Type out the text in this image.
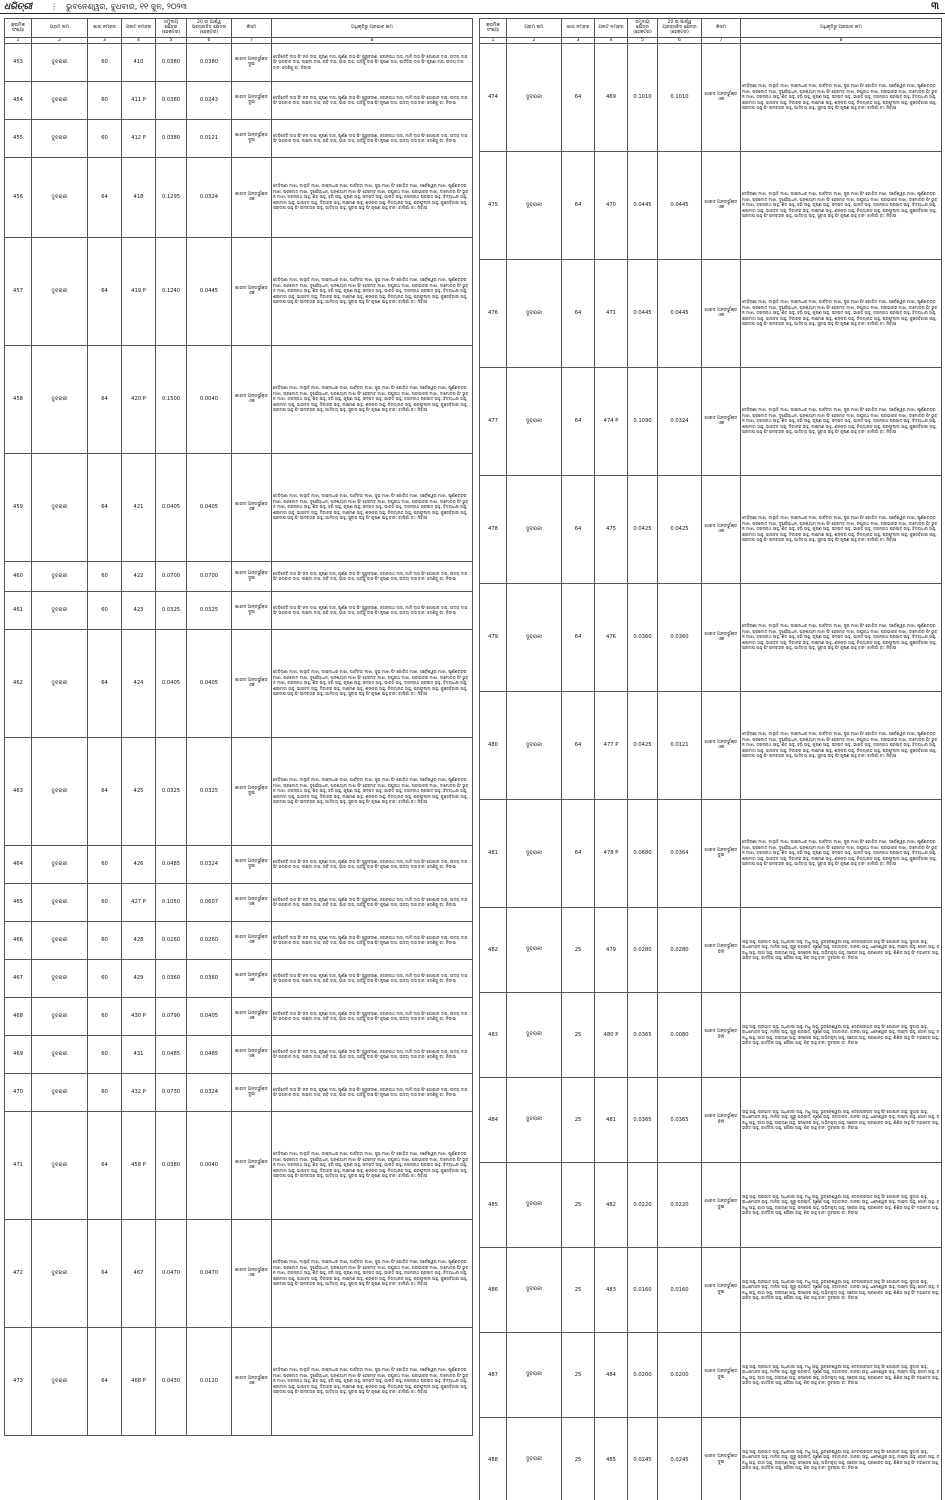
ଧରିତ୍ରୀ ⋮ ଭୁବନେଶ୍ୱର, ବୁଧବାର, ୧୧ ଜୁନ, ୨୦୨୩	୩
କ୍ରମିକ ସଂଖ୍ୟା	ଗ୍ରାମ ନାମ	ଖାତା ନମ୍ବର	ପ୍ଲଟ ନମ୍ବର	ସମୁଦାୟ କ୍ଷେତ୍ର (ହେକ୍ଟର)	20 ଉ ପାର୍ଶ୍ୱ ପ୍ରସ୍ତାବିତ କ୍ଷେତ୍ର (ହେକ୍ଟର)	କିସମ	ଅଧିକୃତିରୁ ପ୍ରଭାବ ନାମ
1	2	3	4	5	6	7	8
453	ଦୁବରାକୀ	60	410	0.0380	0.0380	ଶାରଦ ଅନ୍ତର୍ଭୁକ୍ତ ଦୁଇ	ଦେବିଦେବି ଦାସ ପିଂ ନନ ଦାସ, କୃଷ୍ଣ ଦାସ, ପୂର୍ଣ୍ଣ ଦାସ ପିଂ ଗୁରୁଚରଣ, ଜଗନ୍ନାଥ ଦାସ, ମାନି ଦାସ ପିଂ ଗୋପାଳ ଦାସ, ଉଦୟ ଦାସ ପିଂ ଭଗବାନ ଦାସ, ଲକ୍ଷ୍ମୀ ଦାସ, ରବି ଦାସ, ଭାଗ ଦାସ, ଅର୍ଜ୍ଜୁ ଦାସ ପିଂ କୃଷ୍ଣ ଦାସ, କାର୍ତ୍ତିକ ଦାସ ପିଂ କୃଷ୍ଣ ଦାସ, ଉଦୟ ଦାସ ବାନ: ଦେଶିକୁ ବା: ନିବାସୀ
454	ଦୁବରାକୀ	60	411 P	0.0380	0.0243	ଶାରଦ ଅନ୍ତର୍ଭୁକ୍ତ ଦୁଇ	ଦେବିଦେବି ଦାସ ପିଂ ନନ ଦାସ, କୃଷ୍ଣ ଦାସ, ପୂର୍ଣ୍ଣ ଦାସ ପିଂ ଗୁରୁଚରଣ, ଜଗନ୍ନାଥ ଦାସ, ମାନି ଦାସ ପିଂ ଗୋପାଳ ଦାସ, ଉଦୟ ଦାସ ପିଂ ଭଗବାନ ଦାସ, ଲକ୍ଷ୍ମୀ ଦାସ, ରବି ଦାସ, ଭାଗ ଦାସ, ଅର୍ଜ୍ଜୁ ଦାସ ପିଂ କୃଷ୍ଣ ଦାସ, ଉଦୟ ଦାସ ବାନ: ଦେଶିକୁ ବା: ନିବାସୀ
455	ଦୁବରାକୀ	60	412 P	0.0380	0.0121	ଶାରଦ ଅନ୍ତର୍ଭୁକ୍ତ ଦୁଇ	ଦେବିଦେବି ଦାସ ପିଂ ନନ ଦାସ, କୃଷ୍ଣ ଦାସ, ପୂର୍ଣ୍ଣ ଦାସ ପିଂ ଗୁରୁଚରଣ, ଜଗନ୍ନାଥ ଦାସ, ମାନି ଦାସ ପିଂ ଗୋପାଳ ଦାସ, ଉଦୟ ଦାସ ପିଂ ଭଗବାନ ଦାସ, ଲକ୍ଷ୍ମୀ ଦାସ, ରବି ଦାସ, ଭାଗ ଦାସ, ଅର୍ଜ୍ଜୁ ଦାସ ପିଂ କୃଷ୍ଣ ଦାସ, ଉଦୟ ଦାସ ବାନ: ଦେଶିକୁ ବା: ନିବାସୀ
456	ଦୁବରାକୀ	64	418	0.1295	0.0324	ଶାରଦ ଅନ୍ତର୍ଭୁକ୍ତ ଏକ	ଦେବିରାଣୀ ମାଝୀ, ମାଲୁତି ମାଝୀ, ଲକ୍ଷ୍ମୀଧର ମାଝୀ, ପାର୍ବ୍ବତୀ ମାଝୀ, ସୁଭ ମାଝୀ ପିଂ ଗୋବିନ୍ଦ ମାଝୀ, ସର୍ବେଶ୍ୱର ମାଝୀ, ପୂର୍ଣ୍ଣଚନ୍ଦ୍ର ମାଝୀ, ପ୍ରମୋଦ ମାଝୀ, ଦୁର୍ଯ୍ୟୋଧନ, ଘନଶ୍ୟାମ ମାଝୀ ପିଂ ହେରମ୍ବ ମାଝୀ, ରଘୁନାଥ ମାଝୀ, ପ୍ରଭାକର ମାଝୀ, ଦାମୋଦର ପିଂ ଭୁବନ ମାଝୀ, ଜଗନ୍ନାଥ ସାହୁ, ଶିବ ସାହୁ, ହରି ସାହୁ, କୃଷ୍ଣ ସାହୁ, ସମ୍ପଦ ସାହୁ, ଭାରତ ସାହୁ, ଜଗନ୍ନାଥ ପ୍ରସାଦ ସାହୁ, ବିଦ୍ୟାଧର ସାହୁ, ଶ୍ରୀମତୀ ସାହୁ, ଭାଗବତ ସାହୁ, ଦିବାକର ସାହୁ, ଲକ୍ଷ୍ମଣ ସାହୁ, ଶଙ୍କର ସାହୁ, ନିତ୍ୟାନନ୍ଦ ସାହୁ, ପ୍ରଫୁଲ୍ଲ ସାହୁ, କୁଞ୍ଜବିହାରୀ ସାହୁ, ପ୍ରଦୀପ ସାହୁ ପିଂ ରାମଚନ୍ଦ୍ର ସାହୁ, ଆଦିତ୍ୟ ସାହୁ, ସୁବାସ ସାହୁ ପିଂ କୃଷ୍ଣ ସାହୁ ବାନ: ବାଲିଗାଁ ବା: ନିବାସୀ
457	ଦୁବରାକୀ	64	419 P	0.1240	0.0445	ଶାରଦ ଅନ୍ତର୍ଭୁକ୍ତ ଏକ	ଦେବିରାଣୀ ମାଝୀ, ମାଲୁତି ମାଝୀ, ଲକ୍ଷ୍ମୀଧର ମାଝୀ, ପାର୍ବ୍ବତୀ ମାଝୀ, ସୁଭ ମାଝୀ ପିଂ ଗୋବିନ୍ଦ ମାଝୀ, ସର୍ବେଶ୍ୱର ମାଝୀ, ପୂର୍ଣ୍ଣଚନ୍ଦ୍ର ମାଝୀ, ପ୍ରମୋଦ ମାଝୀ, ଦୁର୍ଯ୍ୟୋଧନ, ଘନଶ୍ୟାମ ମାଝୀ ପିଂ ହେରମ୍ବ ମାଝୀ, ରଘୁନାଥ ମାଝୀ, ପ୍ରଭାକର ମାଝୀ, ଦାମୋଦର ପିଂ ଭୁବନ ମାଝୀ, ଜଗନ୍ନାଥ ସାହୁ, ଶିବ ସାହୁ, ହରି ସାହୁ, କୃଷ୍ଣ ସାହୁ, ସମ୍ପଦ ସାହୁ, ଭାରତ ସାହୁ, ଜଗନ୍ନାଥ ପ୍ରସାଦ ସାହୁ, ବିଦ୍ୟାଧର ସାହୁ, ଶ୍ରୀମତୀ ସାହୁ, ଭାଗବତ ସାହୁ, ଦିବାକର ସାହୁ, ଲକ୍ଷ୍ମଣ ସାହୁ, ଶଙ୍କର ସାହୁ, ନିତ୍ୟାନନ୍ଦ ସାହୁ, ପ୍ରଫୁଲ୍ଲ ସାହୁ, କୁଞ୍ଜବିହାରୀ ସାହୁ, ପ୍ରଦୀପ ସାହୁ ପିଂ ରାମଚନ୍ଦ୍ର ସାହୁ, ଆଦିତ୍ୟ ସାହୁ, ସୁବାସ ସାହୁ ପିଂ କୃଷ୍ଣ ସାହୁ ବାନ: ବାଲିଗାଁ ବା: ନିବାସୀ
458	ଦୁବରାକୀ	64	420 P	0.1500	0.0040	ଶାରଦ ଅନ୍ତର୍ଭୁକ୍ତ ଏକ	ଦେବିରାଣୀ ମାଝୀ, ମାଲୁତି ମାଝୀ, ଲକ୍ଷ୍ମୀଧର ମାଝୀ, ପାର୍ବ୍ବତୀ ମାଝୀ, ସୁଭ ମାଝୀ ପିଂ ଗୋବିନ୍ଦ ମାଝୀ, ସର୍ବେଶ୍ୱର ମାଝୀ, ପୂର୍ଣ୍ଣଚନ୍ଦ୍ର ମାଝୀ, ପ୍ରମୋଦ ମାଝୀ, ଦୁର୍ଯ୍ୟୋଧନ, ଘନଶ୍ୟାମ ମାଝୀ ପିଂ ହେରମ୍ବ ମାଝୀ, ରଘୁନାଥ ମାଝୀ, ପ୍ରଭାକର ମାଝୀ, ଦାମୋଦର ପିଂ ଭୁବନ ମାଝୀ, ଜଗନ୍ନାଥ ସାହୁ, ଶିବ ସାହୁ, ହରି ସାହୁ, କୃଷ୍ଣ ସାହୁ, ସମ୍ପଦ ସାହୁ, ଭାରତ ସାହୁ, ଜଗନ୍ନାଥ ପ୍ରସାଦ ସାହୁ, ବିଦ୍ୟାଧର ସାହୁ, ଶ୍ରୀମତୀ ସାହୁ, ଭାଗବତ ସାହୁ, ଦିବାକର ସାହୁ, ଲକ୍ଷ୍ମଣ ସାହୁ, ଶଙ୍କର ସାହୁ, ନିତ୍ୟାନନ୍ଦ ସାହୁ, ପ୍ରଫୁଲ୍ଲ ସାହୁ, କୁଞ୍ଜବିହାରୀ ସାହୁ, ପ୍ରଦୀପ ସାହୁ ପିଂ ରାମଚନ୍ଦ୍ର ସାହୁ, ଆଦିତ୍ୟ ସାହୁ, ସୁବାସ ସାହୁ ପିଂ କୃଷ୍ଣ ସାହୁ ବାନ: ବାଲିଗାଁ ବା: ନିବାସୀ
459	ଦୁବରାକୀ	64	421	0.0405	0.0405	ଶାରଦ ଅନ୍ତର୍ଭୁକ୍ତ ଏକ	ଦେବିରାଣୀ ମାଝୀ, ମାଲୁତି ମାଝୀ, ଲକ୍ଷ୍ମୀଧର ମାଝୀ, ପାର୍ବ୍ବତୀ ମାଝୀ, ସୁଭ ମାଝୀ ପିଂ ଗୋବିନ୍ଦ ମାଝୀ, ସର୍ବେଶ୍ୱର ମାଝୀ, ପୂର୍ଣ୍ଣଚନ୍ଦ୍ର ମାଝୀ, ପ୍ରମୋଦ ମାଝୀ, ଦୁର୍ଯ୍ୟୋଧନ, ଘନଶ୍ୟାମ ମାଝୀ ପିଂ ହେରମ୍ବ ମାଝୀ, ରଘୁନାଥ ମାଝୀ, ପ୍ରଭାକର ମାଝୀ, ଦାମୋଦର ପିଂ ଭୁବନ ମାଝୀ, ଜଗନ୍ନାଥ ସାହୁ, ଶିବ ସାହୁ, ହରି ସାହୁ, କୃଷ୍ଣ ସାହୁ, ସମ୍ପଦ ସାହୁ, ଭାରତ ସାହୁ, ଜଗନ୍ନାଥ ପ୍ରସାଦ ସାହୁ, ବିଦ୍ୟାଧର ସାହୁ, ଶ୍ରୀମତୀ ସାହୁ, ଭାଗବତ ସାହୁ, ଦିବାକର ସାହୁ, ଲକ୍ଷ୍ମଣ ସାହୁ, ଶଙ୍କର ସାହୁ, ନିତ୍ୟାନନ୍ଦ ସାହୁ, ପ୍ରଫୁଲ୍ଲ ସାହୁ, କୁଞ୍ଜବିହାରୀ ସାହୁ, ପ୍ରଦୀପ ସାହୁ ପିଂ ରାମଚନ୍ଦ୍ର ସାହୁ, ଆଦିତ୍ୟ ସାହୁ, ସୁବାସ ସାହୁ ପିଂ କୃଷ୍ଣ ସାହୁ ବାନ: ବାଲିଗାଁ ବା: ନିବାସୀ
460	ଦୁବରାକୀ	60	422	0.0700	0.0700	ଶାରଦ ଅନ୍ତର୍ଭୁକ୍ତ ଦୁଇ	ଦେବିଦେବି ଦାସ ପିଂ ନନ ଦାସ, କୃଷ୍ଣ ଦାସ, ପୂର୍ଣ୍ଣ ଦାସ ପିଂ ଗୁରୁଚରଣ, ଜଗନ୍ନାଥ ଦାସ, ମାନି ଦାସ ପିଂ ଗୋପାଳ ଦାସ, ଉଦୟ ଦାସ ପିଂ ଭଗବାନ ଦାସ, ଲକ୍ଷ୍ମୀ ଦାସ, ରବି ଦାସ, ଭାଗ ଦାସ, ଅର୍ଜ୍ଜୁ ଦାସ ପିଂ କୃଷ୍ଣ ଦାସ, ଉଦୟ ଦାସ ବାନ: ଦେଶିକୁ ବା: ନିବାସୀ
461	ଦୁବରାକୀ	60	423	0.0325	0.0325	ଶାରଦ ଅନ୍ତର୍ଭୁକ୍ତ ଦୁଇ	ଦେବିଦେବି ଦାସ ପିଂ ନନ ଦାସ, କୃଷ୍ଣ ଦାସ, ପୂର୍ଣ୍ଣ ଦାସ ପିଂ ଗୁରୁଚରଣ, ଜଗନ୍ନାଥ ଦାସ, ମାନି ଦାସ ପିଂ ଗୋପାଳ ଦାସ, ଉଦୟ ଦାସ ପିଂ ଭଗବାନ ଦାସ, ଲକ୍ଷ୍ମୀ ଦାସ, ରବି ଦାସ, ଭାଗ ଦାସ, ଅର୍ଜ୍ଜୁ ଦାସ ପିଂ କୃଷ୍ଣ ଦାସ, ଉଦୟ ଦାସ ବାନ: ଦେଶିକୁ ବା: ନିବାସୀ
462	ଦୁବରାକୀ	64	424	0.0405	0.0405	ଶାରଦ ଅନ୍ତର୍ଭୁକ୍ତ ଏକ	ଦେବିରାଣୀ ମାଝୀ, ମାଲୁତି ମାଝୀ, ଲକ୍ଷ୍ମୀଧର ମାଝୀ, ପାର୍ବ୍ବତୀ ମାଝୀ, ସୁଭ ମାଝୀ ପିଂ ଗୋବିନ୍ଦ ମାଝୀ, ସର୍ବେଶ୍ୱର ମାଝୀ, ପୂର୍ଣ୍ଣଚନ୍ଦ୍ର ମାଝୀ, ପ୍ରମୋଦ ମାଝୀ, ଦୁର୍ଯ୍ୟୋଧନ, ଘନଶ୍ୟାମ ମାଝୀ ପିଂ ହେରମ୍ବ ମାଝୀ, ରଘୁନାଥ ମାଝୀ, ପ୍ରଭାକର ମାଝୀ, ଦାମୋଦର ପିଂ ଭୁବନ ମାଝୀ, ଜଗନ୍ନାଥ ସାହୁ, ଶିବ ସାହୁ, ହରି ସାହୁ, କୃଷ୍ଣ ସାହୁ, ସମ୍ପଦ ସାହୁ, ଭାରତ ସାହୁ, ଜଗନ୍ନାଥ ପ୍ରସାଦ ସାହୁ, ବିଦ୍ୟାଧର ସାହୁ, ଶ୍ରୀମତୀ ସାହୁ, ଭାଗବତ ସାହୁ, ଦିବାକର ସାହୁ, ଲକ୍ଷ୍ମଣ ସାହୁ, ଶଙ୍କର ସାହୁ, ନିତ୍ୟାନନ୍ଦ ସାହୁ, ପ୍ରଫୁଲ୍ଲ ସାହୁ, କୁଞ୍ଜବିହାରୀ ସାହୁ, ପ୍ରଦୀପ ସାହୁ ପିଂ ରାମଚନ୍ଦ୍ର ସାହୁ, ଆଦିତ୍ୟ ସାହୁ, ସୁବାସ ସାହୁ ପିଂ କୃଷ୍ଣ ସାହୁ ବାନ: ବାଲିଗାଁ ବା: ନିବାସୀ
463	ଦୁବରାକୀ	64	425	0.0325	0.0325	ଶାରଦ ଅନ୍ତର୍ଭୁକ୍ତ ଦୁଇ	ଦେବିରାଣୀ ମାଝୀ, ମାଲୁତି ମାଝୀ, ଲକ୍ଷ୍ମୀଧର ମାଝୀ, ପାର୍ବ୍ବତୀ ମାଝୀ, ସୁଭ ମାଝୀ ପିଂ ଗୋବିନ୍ଦ ମାଝୀ, ସର୍ବେଶ୍ୱର ମାଝୀ, ପୂର୍ଣ୍ଣଚନ୍ଦ୍ର ମାଝୀ, ପ୍ରମୋଦ ମାଝୀ, ଦୁର୍ଯ୍ୟୋଧନ, ଘନଶ୍ୟାମ ମାଝୀ ପିଂ ହେରମ୍ବ ମାଝୀ, ରଘୁନାଥ ମାଝୀ, ପ୍ରଭାକର ମାଝୀ, ଦାମୋଦର ପିଂ ଭୁବନ ମାଝୀ, ଜଗନ୍ନାଥ ସାହୁ, ଶିବ ସାହୁ, ହରି ସାହୁ, କୃଷ୍ଣ ସାହୁ, ସମ୍ପଦ ସାହୁ, ଭାରତ ସାହୁ, ଜଗନ୍ନାଥ ପ୍ରସାଦ ସାହୁ, ବିଦ୍ୟାଧର ସାହୁ, ଶ୍ରୀମତୀ ସାହୁ, ଭାଗବତ ସାହୁ, ଦିବାକର ସାହୁ, ଲକ୍ଷ୍ମଣ ସାହୁ, ଶଙ୍କର ସାହୁ, ନିତ୍ୟାନନ୍ଦ ସାହୁ, ପ୍ରଫୁଲ୍ଲ ସାହୁ, କୁଞ୍ଜବିହାରୀ ସାହୁ, ପ୍ରଦୀପ ସାହୁ ପିଂ ରାମଚନ୍ଦ୍ର ସାହୁ, ଆଦିତ୍ୟ ସାହୁ, ସୁବାସ ସାହୁ ପିଂ କୃଷ୍ଣ ସାହୁ ବାନ: ବାଲିଗାଁ ବା: ନିବାସୀ
464	ଦୁବରାକୀ	60	426	0.0485	0.0324	ଶାରଦ ଅନ୍ତର୍ଭୁକ୍ତ ଦୁଇ	ଦେବିଦେବି ଦାସ ପିଂ ନନ ଦାସ, କୃଷ୍ଣ ଦାସ, ପୂର୍ଣ୍ଣ ଦାସ ପିଂ ଗୁରୁଚରଣ, ଜଗନ୍ନାଥ ଦାସ, ମାନି ଦାସ ପିଂ ଗୋପାଳ ଦାସ, ଉଦୟ ଦାସ ପିଂ ଭଗବାନ ଦାସ, ଲକ୍ଷ୍ମୀ ଦାସ, ରବି ଦାସ, ଭାଗ ଦାସ, ଅର୍ଜ୍ଜୁ ଦାସ ପିଂ କୃଷ୍ଣ ଦାସ, ଉଦୟ ଦାସ ବାନ: ଦେଶିକୁ ବା: ନିବାସୀ
465	ଦୁବରାକୀ	60	427 P	0.1050	0.0607	ଶାରଦ ଅନ୍ତର୍ଭୁକ୍ତ ଏକ	ଦେବିଦେବି ଦାସ ପିଂ ନନ ଦାସ, କୃଷ୍ଣ ଦାସ, ପୂର୍ଣ୍ଣ ଦାସ ପିଂ ଗୁରୁଚରଣ, ଜଗନ୍ନାଥ ଦାସ, ମାନି ଦାସ ପିଂ ଗୋପାଳ ଦାସ, ଉଦୟ ଦାସ ପିଂ ଭଗବାନ ଦାସ, ଲକ୍ଷ୍ମୀ ଦାସ, ରବି ଦାସ, ଭାଗ ଦାସ, ଅର୍ଜ୍ଜୁ ଦାସ ପିଂ କୃଷ୍ଣ ଦାସ, ଉଦୟ ଦାସ ବାନ: ଦେଶିକୁ ବା: ନିବାସୀ
466	ଦୁବରାକୀ	60	428	0.0260	0.0260	ଶାରଦ ଅନ୍ତର୍ଭୁକ୍ତ ଏକ	ଦେବିଦେବି ଦାସ ପିଂ ନନ ଦାସ, କୃଷ୍ଣ ଦାସ, ପୂର୍ଣ୍ଣ ଦାସ ପିଂ ଗୁରୁଚରଣ, ଜଗନ୍ନାଥ ଦାସ, ମାନି ଦାସ ପିଂ ଗୋପାଳ ଦାସ, ଉଦୟ ଦାସ ପିଂ ଭଗବାନ ଦାସ, ଲକ୍ଷ୍ମୀ ଦାସ, ରବି ଦାସ, ଭାଗ ଦାସ, ଅର୍ଜ୍ଜୁ ଦାସ ପିଂ କୃଷ୍ଣ ଦାସ, ଉଦୟ ଦାସ ବାନ: ଦେଶିକୁ ବା: ନିବାସୀ
467	ଦୁବରାକୀ	60	429	0.0360	0.0360	ଶାରଦ ଅନ୍ତର୍ଭୁକ୍ତ ଏକ	ଦେବିଦେବି ଦାସ ପିଂ ନନ ଦାସ, କୃଷ୍ଣ ଦାସ, ପୂର୍ଣ୍ଣ ଦାସ ପିଂ ଗୁରୁଚରଣ, ଜଗନ୍ନାଥ ଦାସ, ମାନି ଦାସ ପିଂ ଗୋପାଳ ଦାସ, ଉଦୟ ଦାସ ପିଂ ଭଗବାନ ଦାସ, ଲକ୍ଷ୍ମୀ ଦାସ, ରବି ଦାସ, ଭାଗ ଦାସ, ଅର୍ଜ୍ଜୁ ଦାସ ପିଂ କୃଷ୍ଣ ଦାସ, ଉଦୟ ଦାସ ବାନ: ଦେଶିକୁ ବା: ନିବାସୀ
468	ଦୁବରାକୀ	60	430 P	0.0790	0.0405	ଶାରଦ ଅନ୍ତର୍ଭୁକ୍ତ ଏକ	ଦେବିଦେବି ଦାସ ପିଂ ନନ ଦାସ, କୃଷ୍ଣ ଦାସ, ପୂର୍ଣ୍ଣ ଦାସ ପିଂ ଗୁରୁଚରଣ, ଜଗନ୍ନାଥ ଦାସ, ମାନି ଦାସ ପିଂ ଗୋପାଳ ଦାସ, ଉଦୟ ଦାସ ପିଂ ଭଗବାନ ଦାସ, ଲକ୍ଷ୍ମୀ ଦାସ, ରବି ଦାସ, ଭାଗ ଦାସ, ଅର୍ଜ୍ଜୁ ଦାସ ପିଂ କୃଷ୍ଣ ଦାସ, ଉଦୟ ଦାସ ବାନ: ଦେଶିକୁ ବା: ନିବାସୀ
469	ଦୁବରାକୀ	60	431	0.0485	0.0485	ଶାରଦ ଅନ୍ତର୍ଭୁକ୍ତ ଏକ	ଦେବିଦେବି ଦାସ ପିଂ ନନ ଦାସ, କୃଷ୍ଣ ଦାସ, ପୂର୍ଣ୍ଣ ଦାସ ପିଂ ଗୁରୁଚରଣ, ଜଗନ୍ନାଥ ଦାସ, ମାନି ଦାସ ପିଂ ଗୋପାଳ ଦାସ, ଉଦୟ ଦାସ ପିଂ ଭଗବାନ ଦାସ, ଲକ୍ଷ୍ମୀ ଦାସ, ରବି ଦାସ, ଭାଗ ଦାସ, ଅର୍ଜ୍ଜୁ ଦାସ ପିଂ କୃଷ୍ଣ ଦାସ, ଉଦୟ ଦାସ ବାନ: ଦେଶିକୁ ବା: ନିବାସୀ
470	ଦୁବରାକୀ	60	432 P	0.0730	0.0324	ଶାରଦ ଅନ୍ତର୍ଭୁକ୍ତ ଦୁଇ	ଦେବିଦେବି ଦାସ ପିଂ ନନ ଦାସ, କୃଷ୍ଣ ଦାସ, ପୂର୍ଣ୍ଣ ଦାସ ପିଂ ଗୁରୁଚରଣ, ଜଗନ୍ନାଥ ଦାସ, ମାନି ଦାସ ପିଂ ଗୋପାଳ ଦାସ, ଉଦୟ ଦାସ ପିଂ ଭଗବାନ ଦାସ, ଲକ୍ଷ୍ମୀ ଦାସ, ରବି ଦାସ, ଭାଗ ଦାସ, ଅର୍ଜ୍ଜୁ ଦାସ ପିଂ କୃଷ୍ଣ ଦାସ, ଉଦୟ ଦାସ ବାନ: ଦେଶିକୁ ବା: ନିବାସୀ
471	ଦୁବରାକୀ	64	458 P	0.0380	0.0040	ଶାରଦ ଅନ୍ତର୍ଭୁକ୍ତ ଏକ	ଦେବିରାଣୀ ମାଝୀ, ମାଲୁତି ମାଝୀ, ଲକ୍ଷ୍ମୀଧର ମାଝୀ, ପାର୍ବ୍ବତୀ ମାଝୀ, ସୁଭ ମାଝୀ ପିଂ ଗୋବିନ୍ଦ ମାଝୀ, ସର୍ବେଶ୍ୱର ମାଝୀ, ପୂର୍ଣ୍ଣଚନ୍ଦ୍ର ମାଝୀ, ପ୍ରମୋଦ ମାଝୀ, ଦୁର୍ଯ୍ୟୋଧନ, ଘନଶ୍ୟାମ ମାଝୀ ପିଂ ହେରମ୍ବ ମାଝୀ, ରଘୁନାଥ ମାଝୀ, ପ୍ରଭାକର ମାଝୀ, ଦାମୋଦର ପିଂ ଭୁବନ ମାଝୀ, ଜଗନ୍ନାଥ ସାହୁ, ଶିବ ସାହୁ, ହରି ସାହୁ, କୃଷ୍ଣ ସାହୁ, ସମ୍ପଦ ସାହୁ, ଭାରତ ସାହୁ, ଜଗନ୍ନାଥ ପ୍ରସାଦ ସାହୁ, ବିଦ୍ୟାଧର ସାହୁ, ଶ୍ରୀମତୀ ସାହୁ, ଭାଗବତ ସାହୁ, ଦିବାକର ସାହୁ, ଲକ୍ଷ୍ମଣ ସାହୁ, ଶଙ୍କର ସାହୁ, ନିତ୍ୟାନନ୍ଦ ସାହୁ, ପ୍ରଫୁଲ୍ଲ ସାହୁ, କୁଞ୍ଜବିହାରୀ ସାହୁ, ପ୍ରଦୀପ ସାହୁ ପିଂ ରାମଚନ୍ଦ୍ର ସାହୁ, ଆଦିତ୍ୟ ସାହୁ, ସୁବାସ ସାହୁ ପିଂ କୃଷ୍ଣ ସାହୁ ବାନ: ବାଲିଗାଁ ବା: ନିବାସୀ
472	ଦୁବରାକୀ	64	467	0.0470	0.0470	ଶାରଦ ଅନ୍ତର୍ଭୁକ୍ତ ଏକ	ଦେବିରାଣୀ ମାଝୀ, ମାଲୁତି ମାଝୀ, ଲକ୍ଷ୍ମୀଧର ମାଝୀ, ପାର୍ବ୍ବତୀ ମାଝୀ, ସୁଭ ମାଝୀ ପିଂ ଗୋବିନ୍ଦ ମାଝୀ, ସର୍ବେଶ୍ୱର ମାଝୀ, ପୂର୍ଣ୍ଣଚନ୍ଦ୍ର ମାଝୀ, ପ୍ରମୋଦ ମାଝୀ, ଦୁର୍ଯ୍ୟୋଧନ, ଘନଶ୍ୟାମ ମାଝୀ ପିଂ ହେରମ୍ବ ମାଝୀ, ରଘୁନାଥ ମାଝୀ, ପ୍ରଭାକର ମାଝୀ, ଦାମୋଦର ପିଂ ଭୁବନ ମାଝୀ, ଜଗନ୍ନାଥ ସାହୁ, ଶିବ ସାହୁ, ହରି ସାହୁ, କୃଷ୍ଣ ସାହୁ, ସମ୍ପଦ ସାହୁ, ଭାରତ ସାହୁ, ଜଗନ୍ନାଥ ପ୍ରସାଦ ସାହୁ, ବିଦ୍ୟାଧର ସାହୁ, ଶ୍ରୀମତୀ ସାହୁ, ଭାଗବତ ସାହୁ, ଦିବାକର ସାହୁ, ଲକ୍ଷ୍ମଣ ସାହୁ, ଶଙ୍କର ସାହୁ, ନିତ୍ୟାନନ୍ଦ ସାହୁ, ପ୍ରଫୁଲ୍ଲ ସାହୁ, କୁଞ୍ଜବିହାରୀ ସାହୁ, ପ୍ରଦୀପ ସାହୁ ପିଂ ରାମଚନ୍ଦ୍ର ସାହୁ, ଆଦିତ୍ୟ ସାହୁ, ସୁବାସ ସାହୁ ପିଂ କୃଷ୍ଣ ସାହୁ ବାନ: ବାଲିଗାଁ ବା: ନିବାସୀ
473	ଦୁବରାକୀ	64	468 P	0.0430	0.0120	ଶାରଦ ଅନ୍ତର୍ଭୁକ୍ତ ଏକ	ଦେବିରାଣୀ ମାଝୀ, ମାଲୁତି ମାଝୀ, ଲକ୍ଷ୍ମୀଧର ମାଝୀ, ପାର୍ବ୍ବତୀ ମାଝୀ, ସୁଭ ମାଝୀ ପିଂ ଗୋବିନ୍ଦ ମାଝୀ, ସର୍ବେଶ୍ୱର ମାଝୀ, ପୂର୍ଣ୍ଣଚନ୍ଦ୍ର ମାଝୀ, ପ୍ରମୋଦ ମାଝୀ, ଦୁର୍ଯ୍ୟୋଧନ, ଘନଶ୍ୟାମ ମାଝୀ ପିଂ ହେରମ୍ବ ମାଝୀ, ରଘୁନାଥ ମାଝୀ, ପ୍ରଭାକର ମାଝୀ, ଦାମୋଦର ପିଂ ଭୁବନ ମାଝୀ, ଜଗନ୍ନାଥ ସାହୁ, ଶିବ ସାହୁ, ହରି ସାହୁ, କୃଷ୍ଣ ସାହୁ, ସମ୍ପଦ ସାହୁ, ଭାରତ ସାହୁ, ଜଗନ୍ନାଥ ପ୍ରସାଦ ସାହୁ, ବିଦ୍ୟାଧର ସାହୁ, ଶ୍ରୀମତୀ ସାହୁ, ଭାଗବତ ସାହୁ, ଦିବାକର ସାହୁ, ଲକ୍ଷ୍ମଣ ସାହୁ, ଶଙ୍କର ସାହୁ, ନିତ୍ୟାନନ୍ଦ ସାହୁ, ପ୍ରଫୁଲ୍ଲ ସାହୁ, କୁଞ୍ଜବିହାରୀ ସାହୁ, ପ୍ରଦୀପ ସାହୁ ପିଂ ରାମଚନ୍ଦ୍ର ସାହୁ, ଆଦିତ୍ୟ ସାହୁ, ସୁବାସ ସାହୁ ପିଂ କୃଷ୍ଣ ସାହୁ ବାନ: ବାଲିଗାଁ ବା: ନିବାସୀ
କ୍ରମିକ ସଂଖ୍ୟା	ଗ୍ରାମ ନାମ	ଖାତା ନମ୍ବର	ପ୍ଲଟ ନମ୍ବର	ସମୁଦାୟ କ୍ଷେତ୍ର (ହେକ୍ଟର)	20 ଉ ପାର୍ଶ୍ୱ ପ୍ରସ୍ତାବିତ କ୍ଷେତ୍ର (ହେକ୍ଟର)	କିସମ	ଅଧିକୃତିରୁ ପ୍ରଭାବ ନାମ
1	2	3	4	5	6	7	8
474	ଦୁବରାକୀ	64	469	0.1010	0.1010	ଶାରଦ ଅନ୍ତର୍ଭୁକ୍ତ ଏକ	ଦେବିରାଣୀ ମାଝୀ, ମାଲୁତି ମାଝୀ, ଲକ୍ଷ୍ମୀଧର ମାଝୀ, ପାର୍ବ୍ବତୀ ମାଝୀ, ସୁଭ ମାଝୀ ପିଂ ଗୋବିନ୍ଦ ମାଝୀ, ସର୍ବେଶ୍ୱର ମାଝୀ, ପୂର୍ଣ୍ଣଚନ୍ଦ୍ର ମାଝୀ, ପ୍ରମୋଦ ମାଝୀ, ଦୁର୍ଯ୍ୟୋଧନ, ଘନଶ୍ୟାମ ମାଝୀ ପିଂ ହେରମ୍ବ ମାଝୀ, ରଘୁନାଥ ମାଝୀ, ପ୍ରଭାକର ମାଝୀ, ଦାମୋଦର ପିଂ ଭୁବନ ମାଝୀ, ଜଗନ୍ନାଥ ସାହୁ, ଶିବ ସାହୁ, ହରି ସାହୁ, କୃଷ୍ଣ ସାହୁ, ସମ୍ପଦ ସାହୁ, ଭାରତ ସାହୁ, ଜଗନ୍ନାଥ ପ୍ରସାଦ ସାହୁ, ବିଦ୍ୟାଧର ସାହୁ, ଶ୍ରୀମତୀ ସାହୁ, ଭାଗବତ ସାହୁ, ଦିବାକର ସାହୁ, ଲକ୍ଷ୍ମଣ ସାହୁ, ଶଙ୍କର ସାହୁ, ନିତ୍ୟାନନ୍ଦ ସାହୁ, ପ୍ରଫୁଲ୍ଲ ସାହୁ, କୁଞ୍ଜବିହାରୀ ସାହୁ, ପ୍ରଦୀପ ସାହୁ ପିଂ ରାମଚନ୍ଦ୍ର ସାହୁ, ଆଦିତ୍ୟ ସାହୁ, ସୁବାସ ସାହୁ ପିଂ କୃଷ୍ଣ ସାହୁ ବାନ: ବାଲିଗାଁ ବା: ନିବାସୀ
475	ଦୁବରାକୀ	64	470	0.0445	0.0445	ଶାରଦ ଅନ୍ତର୍ଭୁକ୍ତ ଏକ	ଦେବିରାଣୀ ମାଝୀ, ମାଲୁତି ମାଝୀ, ଲକ୍ଷ୍ମୀଧର ମାଝୀ, ପାର୍ବ୍ବତୀ ମାଝୀ, ସୁଭ ମାଝୀ ପିଂ ଗୋବିନ୍ଦ ମାଝୀ, ସର୍ବେଶ୍ୱର ମାଝୀ, ପୂର୍ଣ୍ଣଚନ୍ଦ୍ର ମାଝୀ, ପ୍ରମୋଦ ମାଝୀ, ଦୁର୍ଯ୍ୟୋଧନ, ଘନଶ୍ୟାମ ମାଝୀ ପିଂ ହେରମ୍ବ ମାଝୀ, ରଘୁନାଥ ମାଝୀ, ପ୍ରଭାକର ମାଝୀ, ଦାମୋଦର ପିଂ ଭୁବନ ମାଝୀ, ଜଗନ୍ନାଥ ସାହୁ, ଶିବ ସାହୁ, ହରି ସାହୁ, କୃଷ୍ଣ ସାହୁ, ସମ୍ପଦ ସାହୁ, ଭାରତ ସାହୁ, ଜଗନ୍ନାଥ ପ୍ରସାଦ ସାହୁ, ବିଦ୍ୟାଧର ସାହୁ, ଶ୍ରୀମତୀ ସାହୁ, ଭାଗବତ ସାହୁ, ଦିବାକର ସାହୁ, ଲକ୍ଷ୍ମଣ ସାହୁ, ଶଙ୍କର ସାହୁ, ନିତ୍ୟାନନ୍ଦ ସାହୁ, ପ୍ରଫୁଲ୍ଲ ସାହୁ, କୁଞ୍ଜବିହାରୀ ସାହୁ, ପ୍ରଦୀପ ସାହୁ ପିଂ ରାମଚନ୍ଦ୍ର ସାହୁ, ଆଦିତ୍ୟ ସାହୁ, ସୁବାସ ସାହୁ ପିଂ କୃଷ୍ଣ ସାହୁ ବାନ: ବାଲିଗାଁ ବା: ନିବାସୀ
476	ଦୁବରାକୀ	64	471	0.0445	0.0445	ଶାରଦ ଅନ୍ତର୍ଭୁକ୍ତ ଏକ	ଦେବିରାଣୀ ମାଝୀ, ମାଲୁତି ମାଝୀ, ଲକ୍ଷ୍ମୀଧର ମାଝୀ, ପାର୍ବ୍ବତୀ ମାଝୀ, ସୁଭ ମାଝୀ ପିଂ ଗୋବିନ୍ଦ ମାଝୀ, ସର୍ବେଶ୍ୱର ମାଝୀ, ପୂର୍ଣ୍ଣଚନ୍ଦ୍ର ମାଝୀ, ପ୍ରମୋଦ ମାଝୀ, ଦୁର୍ଯ୍ୟୋଧନ, ଘନଶ୍ୟାମ ମାଝୀ ପିଂ ହେରମ୍ବ ମାଝୀ, ରଘୁନାଥ ମାଝୀ, ପ୍ରଭାକର ମାଝୀ, ଦାମୋଦର ପିଂ ଭୁବନ ମାଝୀ, ଜଗନ୍ନାଥ ସାହୁ, ଶିବ ସାହୁ, ହରି ସାହୁ, କୃଷ୍ଣ ସାହୁ, ସମ୍ପଦ ସାହୁ, ଭାରତ ସାହୁ, ଜଗନ୍ନାଥ ପ୍ରସାଦ ସାହୁ, ବିଦ୍ୟାଧର ସାହୁ, ଶ୍ରୀମତୀ ସାହୁ, ଭାଗବତ ସାହୁ, ଦିବାକର ସାହୁ, ଲକ୍ଷ୍ମଣ ସାହୁ, ଶଙ୍କର ସାହୁ, ନିତ୍ୟାନନ୍ଦ ସାହୁ, ପ୍ରଫୁଲ୍ଲ ସାହୁ, କୁଞ୍ଜବିହାରୀ ସାହୁ, ପ୍ରଦୀପ ସାହୁ ପିଂ ରାମଚନ୍ଦ୍ର ସାହୁ, ଆଦିତ୍ୟ ସାହୁ, ସୁବାସ ସାହୁ ପିଂ କୃଷ୍ଣ ସାହୁ ବାନ: ବାଲିଗାଁ ବା: ନିବାସୀ
477	ଦୁବରାକୀ	64	474 P	0.1090	0.0324	ଶାରଦ ଅନ୍ତର୍ଭୁକ୍ତ ଏକ	ଦେବିରାଣୀ ମାଝୀ, ମାଲୁତି ମାଝୀ, ଲକ୍ଷ୍ମୀଧର ମାଝୀ, ପାର୍ବ୍ବତୀ ମାଝୀ, ସୁଭ ମାଝୀ ପିଂ ଗୋବିନ୍ଦ ମାଝୀ, ସର୍ବେଶ୍ୱର ମାଝୀ, ପୂର୍ଣ୍ଣଚନ୍ଦ୍ର ମାଝୀ, ପ୍ରମୋଦ ମାଝୀ, ଦୁର୍ଯ୍ୟୋଧନ, ଘନଶ୍ୟାମ ମାଝୀ ପିଂ ହେରମ୍ବ ମାଝୀ, ରଘୁନାଥ ମାଝୀ, ପ୍ରଭାକର ମାଝୀ, ଦାମୋଦର ପିଂ ଭୁବନ ମାଝୀ, ଜଗନ୍ନାଥ ସାହୁ, ଶିବ ସାହୁ, ହରି ସାହୁ, କୃଷ୍ଣ ସାହୁ, ସମ୍ପଦ ସାହୁ, ଭାରତ ସାହୁ, ଜଗନ୍ନାଥ ପ୍ରସାଦ ସାହୁ, ବିଦ୍ୟାଧର ସାହୁ, ଶ୍ରୀମତୀ ସାହୁ, ଭାଗବତ ସାହୁ, ଦିବାକର ସାହୁ, ଲକ୍ଷ୍ମଣ ସାହୁ, ଶଙ୍କର ସାହୁ, ନିତ୍ୟାନନ୍ଦ ସାହୁ, ପ୍ରଫୁଲ୍ଲ ସାହୁ, କୁଞ୍ଜବିହାରୀ ସାହୁ, ପ୍ରଦୀପ ସାହୁ ପିଂ ରାମଚନ୍ଦ୍ର ସାହୁ, ଆଦିତ୍ୟ ସାହୁ, ସୁବାସ ସାହୁ ପିଂ କୃଷ୍ଣ ସାହୁ ବାନ: ବାଲିଗାଁ ବା: ନିବାସୀ
478	ଦୁବରାକୀ	64	475	0.0425	0.0425	ଶାରଦ ଅନ୍ତର୍ଭୁକ୍ତ ଏକ	ଦେବିରାଣୀ ମାଝୀ, ମାଲୁତି ମାଝୀ, ଲକ୍ଷ୍ମୀଧର ମାଝୀ, ପାର୍ବ୍ବତୀ ମାଝୀ, ସୁଭ ମାଝୀ ପିଂ ଗୋବିନ୍ଦ ମାଝୀ, ସର୍ବେଶ୍ୱର ମାଝୀ, ପୂର୍ଣ୍ଣଚନ୍ଦ୍ର ମାଝୀ, ପ୍ରମୋଦ ମାଝୀ, ଦୁର୍ଯ୍ୟୋଧନ, ଘନଶ୍ୟାମ ମାଝୀ ପିଂ ହେରମ୍ବ ମାଝୀ, ରଘୁନାଥ ମାଝୀ, ପ୍ରଭାକର ମାଝୀ, ଦାମୋଦର ପିଂ ଭୁବନ ମାଝୀ, ଜଗନ୍ନାଥ ସାହୁ, ଶିବ ସାହୁ, ହରି ସାହୁ, କୃଷ୍ଣ ସାହୁ, ସମ୍ପଦ ସାହୁ, ଭାରତ ସାହୁ, ଜଗନ୍ନାଥ ପ୍ରସାଦ ସାହୁ, ବିଦ୍ୟାଧର ସାହୁ, ଶ୍ରୀମତୀ ସାହୁ, ଭାଗବତ ସାହୁ, ଦିବାକର ସାହୁ, ଲକ୍ଷ୍ମଣ ସାହୁ, ଶଙ୍କର ସାହୁ, ନିତ୍ୟାନନ୍ଦ ସାହୁ, ପ୍ରଫୁଲ୍ଲ ସାହୁ, କୁଞ୍ଜବିହାରୀ ସାହୁ, ପ୍ରଦୀପ ସାହୁ ପିଂ ରାମଚନ୍ଦ୍ର ସାହୁ, ଆଦିତ୍ୟ ସାହୁ, ସୁବାସ ସାହୁ ପିଂ କୃଷ୍ଣ ସାହୁ ବାନ: ବାଲିଗାଁ ବା: ନିବାସୀ
479	ଦୁବରାକୀ	64	476	0.0360	0.0360	ଶାରଦ ଅନ୍ତର୍ଭୁକ୍ତ ଏକ	ଦେବିରାଣୀ ମାଝୀ, ମାଲୁତି ମାଝୀ, ଲକ୍ଷ୍ମୀଧର ମାଝୀ, ପାର୍ବ୍ବତୀ ମାଝୀ, ସୁଭ ମାଝୀ ପିଂ ଗୋବିନ୍ଦ ମାଝୀ, ସର୍ବେଶ୍ୱର ମାଝୀ, ପୂର୍ଣ୍ଣଚନ୍ଦ୍ର ମାଝୀ, ପ୍ରମୋଦ ମାଝୀ, ଦୁର୍ଯ୍ୟୋଧନ, ଘନଶ୍ୟାମ ମାଝୀ ପିଂ ହେରମ୍ବ ମାଝୀ, ରଘୁନାଥ ମାଝୀ, ପ୍ରଭାକର ମାଝୀ, ଦାମୋଦର ପିଂ ଭୁବନ ମାଝୀ, ଜଗନ୍ନାଥ ସାହୁ, ଶିବ ସାହୁ, ହରି ସାହୁ, କୃଷ୍ଣ ସାହୁ, ସମ୍ପଦ ସାହୁ, ଭାରତ ସାହୁ, ଜଗନ୍ନାଥ ପ୍ରସାଦ ସାହୁ, ବିଦ୍ୟାଧର ସାହୁ, ଶ୍ରୀମତୀ ସାହୁ, ଭାଗବତ ସାହୁ, ଦିବାକର ସାହୁ, ଲକ୍ଷ୍ମଣ ସାହୁ, ଶଙ୍କର ସାହୁ, ନିତ୍ୟାନନ୍ଦ ସାହୁ, ପ୍ରଫୁଲ୍ଲ ସାହୁ, କୁଞ୍ଜବିହାରୀ ସାହୁ, ପ୍ରଦୀପ ସାହୁ ପିଂ ରାମଚନ୍ଦ୍ର ସାହୁ, ଆଦିତ୍ୟ ସାହୁ, ସୁବାସ ସାହୁ ପିଂ କୃଷ୍ଣ ସାହୁ ବାନ: ବାଲିଗାଁ ବା: ନିବାସୀ
480	ଦୁବରାକୀ	64	477 P	0.0425	0.0121	ଶାରଦ ଅନ୍ତର୍ଭୁକ୍ତ ଏକ	ଦେବିରାଣୀ ମାଝୀ, ମାଲୁତି ମାଝୀ, ଲକ୍ଷ୍ମୀଧର ମାଝୀ, ପାର୍ବ୍ବତୀ ମାଝୀ, ସୁଭ ମାଝୀ ପିଂ ଗୋବିନ୍ଦ ମାଝୀ, ସର୍ବେଶ୍ୱର ମାଝୀ, ପୂର୍ଣ୍ଣଚନ୍ଦ୍ର ମାଝୀ, ପ୍ରମୋଦ ମାଝୀ, ଦୁର୍ଯ୍ୟୋଧନ, ଘନଶ୍ୟାମ ମାଝୀ ପିଂ ହେରମ୍ବ ମାଝୀ, ରଘୁନାଥ ମାଝୀ, ପ୍ରଭାକର ମାଝୀ, ଦାମୋଦର ପିଂ ଭୁବନ ମାଝୀ, ଜଗନ୍ନାଥ ସାହୁ, ଶିବ ସାହୁ, ହରି ସାହୁ, କୃଷ୍ଣ ସାହୁ, ସମ୍ପଦ ସାହୁ, ଭାରତ ସାହୁ, ଜଗନ୍ନାଥ ପ୍ରସାଦ ସାହୁ, ବିଦ୍ୟାଧର ସାହୁ, ଶ୍ରୀମତୀ ସାହୁ, ଭାଗବତ ସାହୁ, ଦିବାକର ସାହୁ, ଲକ୍ଷ୍ମଣ ସାହୁ, ଶଙ୍କର ସାହୁ, ନିତ୍ୟାନନ୍ଦ ସାହୁ, ପ୍ରଫୁଲ୍ଲ ସାହୁ, କୁଞ୍ଜବିହାରୀ ସାହୁ, ପ୍ରଦୀପ ସାହୁ ପିଂ ରାମଚନ୍ଦ୍ର ସାହୁ, ଆଦିତ୍ୟ ସାହୁ, ସୁବାସ ସାହୁ ପିଂ କୃଷ୍ଣ ସାହୁ ବାନ: ବାଲିଗାଁ ବା: ନିବାସୀ
481	ଦୁବରାକୀ	64	478 P	0.0680	0.0364	ଶାରଦ ଅନ୍ତର୍ଭୁକ୍ତ ଦୁଇ	ଦେବିରାଣୀ ମାଝୀ, ମାଲୁତି ମାଝୀ, ଲକ୍ଷ୍ମୀଧର ମାଝୀ, ପାର୍ବ୍ବତୀ ମାଝୀ, ସୁଭ ମାଝୀ ପିଂ ଗୋବିନ୍ଦ ମାଝୀ, ସର୍ବେଶ୍ୱର ମାଝୀ, ପୂର୍ଣ୍ଣଚନ୍ଦ୍ର ମାଝୀ, ପ୍ରମୋଦ ମାଝୀ, ଦୁର୍ଯ୍ୟୋଧନ, ଘନଶ୍ୟାମ ମାଝୀ ପିଂ ହେରମ୍ବ ମାଝୀ, ରଘୁନାଥ ମାଝୀ, ପ୍ରଭାକର ମାଝୀ, ଦାମୋଦର ପିଂ ଭୁବନ ମାଝୀ, ଜଗନ୍ନାଥ ସାହୁ, ଶିବ ସାହୁ, ହରି ସାହୁ, କୃଷ୍ଣ ସାହୁ, ସମ୍ପଦ ସାହୁ, ଭାରତ ସାହୁ, ଜଗନ୍ନାଥ ପ୍ରସାଦ ସାହୁ, ବିଦ୍ୟାଧର ସାହୁ, ଶ୍ରୀମତୀ ସାହୁ, ଭାଗବତ ସାହୁ, ଦିବାକର ସାହୁ, ଲକ୍ଷ୍ମଣ ସାହୁ, ଶଙ୍କର ସାହୁ, ନିତ୍ୟାନନ୍ଦ ସାହୁ, ପ୍ରଫୁଲ୍ଲ ସାହୁ, କୁଞ୍ଜବିହାରୀ ସାହୁ, ପ୍ରଦୀପ ସାହୁ ପିଂ ରାମଚନ୍ଦ୍ର ସାହୁ, ଆଦିତ୍ୟ ସାହୁ, ସୁବାସ ସାହୁ ପିଂ କୃଷ୍ଣ ସାହୁ ବାନ: ବାଲିଗାଁ ବା: ନିବାସୀ
482	ଦୁବରାକୀ	25	479	0.0280	0.0280	ଶାରଦ ଅନ୍ତର୍ଭୁକ୍ତ ତିନି	ସାହୁ ସାହୁ, ପ୍ରଭାତ ସାହୁ, ଅଧିକାରୀ ସାହୁ, ମଧୁ ସାହୁ, ଭୁବନେଶ୍ୱରୀ ସାହୁ, ଦେବୀପ୍ରସାଦ ସାହୁ ପିଂ ଗୋପାଳ ସାହୁ, ସୁଜାତା ସାହୁ, ରାଧାମୋହନ ସାହୁ, ମାଳିକ ସାହୁ, ଗୁରୁ ପ୍ରସାଦ, ପୂର୍ଣ୍ଣ ସାହୁ, ଜଗଦାନନ୍ଦ, ଜାନକୀ ସାହୁ, ଧନେଶ୍ୱର ସାହୁ, ଲକ୍ଷ୍ମୀ ସାହୁ, ସୋମ ସାହୁ, ବନ୍ଧୁ ସାହୁ, ଗୀତା ସାହୁ, ନାରାୟଣ ସାହୁ, ସନ୍ତୋଷ ସାହୁ, ଅଭିମନ୍ୟୁ ସାହୁ, ସରୋଜ ସାହୁ, ପ୍ରଶାନ୍ତ ସାହୁ, ଶିଶିର ସାହୁ ପିଂ ମହାଦେବ ସାହୁ, ଭରତ ସାହୁ, କାର୍ତ୍ତିକ ସାହୁ, ଗୌରୀ ସାହୁ, ଶିବ ସାହୁ ବାନ: ଦୁବରାକୀ ବା: ନିବାସୀ
483	ଦୁବରାକୀ	25	480 P	0.0365	0.0080	ଶାରଦ ଅନ୍ତର୍ଭୁକ୍ତ ତିନି	ସାହୁ ସାହୁ, ପ୍ରଭାତ ସାହୁ, ଅଧିକାରୀ ସାହୁ, ମଧୁ ସାହୁ, ଭୁବନେଶ୍ୱରୀ ସାହୁ, ଦେବୀପ୍ରସାଦ ସାହୁ ପିଂ ଗୋପାଳ ସାହୁ, ସୁଜାତା ସାହୁ, ରାଧାମୋହନ ସାହୁ, ମାଳିକ ସାହୁ, ଗୁରୁ ପ୍ରସାଦ, ପୂର୍ଣ୍ଣ ସାହୁ, ଜଗଦାନନ୍ଦ, ଜାନକୀ ସାହୁ, ଧନେଶ୍ୱର ସାହୁ, ଲକ୍ଷ୍ମୀ ସାହୁ, ସୋମ ସାହୁ, ବନ୍ଧୁ ସାହୁ, ଗୀତା ସାହୁ, ନାରାୟଣ ସାହୁ, ସନ୍ତୋଷ ସାହୁ, ଅଭିମନ୍ୟୁ ସାହୁ, ସରୋଜ ସାହୁ, ପ୍ରଶାନ୍ତ ସାହୁ, ଶିଶିର ସାହୁ ପିଂ ମହାଦେବ ସାହୁ, ଭରତ ସାହୁ, କାର୍ତ୍ତିକ ସାହୁ, ଗୌରୀ ସାହୁ, ଶିବ ସାହୁ ବାନ: ଦୁବରାକୀ ବା: ନିବାସୀ
484	ଦୁବରାକୀ	25	481	0.0365	0.0365	ଶାରଦ ଅନ୍ତର୍ଭୁକ୍ତ ତିନି	ସାହୁ ସାହୁ, ପ୍ରଭାତ ସାହୁ, ଅଧିକାରୀ ସାହୁ, ମଧୁ ସାହୁ, ଭୁବନେଶ୍ୱରୀ ସାହୁ, ଦେବୀପ୍ରସାଦ ସାହୁ ପିଂ ଗୋପାଳ ସାହୁ, ସୁଜାତା ସାହୁ, ରାଧାମୋହନ ସାହୁ, ମାଳିକ ସାହୁ, ଗୁରୁ ପ୍ରସାଦ, ପୂର୍ଣ୍ଣ ସାହୁ, ଜଗଦାନନ୍ଦ, ଜାନକୀ ସାହୁ, ଧନେଶ୍ୱର ସାହୁ, ଲକ୍ଷ୍ମୀ ସାହୁ, ସୋମ ସାହୁ, ବନ୍ଧୁ ସାହୁ, ଗୀତା ସାହୁ, ନାରାୟଣ ସାହୁ, ସନ୍ତୋଷ ସାହୁ, ଅଭିମନ୍ୟୁ ସାହୁ, ସରୋଜ ସାହୁ, ପ୍ରଶାନ୍ତ ସାହୁ, ଶିଶିର ସାହୁ ପିଂ ମହାଦେବ ସାହୁ, ଭରତ ସାହୁ, କାର୍ତ୍ତିକ ସାହୁ, ଗୌରୀ ସାହୁ, ଶିବ ସାହୁ ବାନ: ଦୁବରାକୀ ବା: ନିବାସୀ
485	ଦୁବରାକୀ	25	482	0.0220	0.0220	ଶାରଦ ଅନ୍ତର୍ଭୁକ୍ତ ଦୁଇ	ସାହୁ ସାହୁ, ପ୍ରଭାତ ସାହୁ, ଅଧିକାରୀ ସାହୁ, ମଧୁ ସାହୁ, ଭୁବନେଶ୍ୱରୀ ସାହୁ, ଦେବୀପ୍ରସାଦ ସାହୁ ପିଂ ଗୋପାଳ ସାହୁ, ସୁଜାତା ସାହୁ, ରାଧାମୋହନ ସାହୁ, ମାଳିକ ସାହୁ, ଗୁରୁ ପ୍ରସାଦ, ପୂର୍ଣ୍ଣ ସାହୁ, ଜଗଦାନନ୍ଦ, ଜାନକୀ ସାହୁ, ଧନେଶ୍ୱର ସାହୁ, ଲକ୍ଷ୍ମୀ ସାହୁ, ସୋମ ସାହୁ, ବନ୍ଧୁ ସାହୁ, ଗୀତା ସାହୁ, ନାରାୟଣ ସାହୁ, ସନ୍ତୋଷ ସାହୁ, ଅଭିମନ୍ୟୁ ସାହୁ, ସରୋଜ ସାହୁ, ପ୍ରଶାନ୍ତ ସାହୁ, ଶିଶିର ସାହୁ ପିଂ ମହାଦେବ ସାହୁ, ଭରତ ସାହୁ, କାର୍ତ୍ତିକ ସାହୁ, ଗୌରୀ ସାହୁ, ଶିବ ସାହୁ ବାନ: ଦୁବରାକୀ ବା: ନିବାସୀ
486	ଦୁବରାକୀ	25	483	0.0160	0.0160	ଶାରଦ ଅନ୍ତର୍ଭୁକ୍ତ ଦୁଇ	ସାହୁ ସାହୁ, ପ୍ରଭାତ ସାହୁ, ଅଧିକାରୀ ସାହୁ, ମଧୁ ସାହୁ, ଭୁବନେଶ୍ୱରୀ ସାହୁ, ଦେବୀପ୍ରସାଦ ସାହୁ ପିଂ ଗୋପାଳ ସାହୁ, ସୁଜାତା ସାହୁ, ରାଧାମୋହନ ସାହୁ, ମାଳିକ ସାହୁ, ଗୁରୁ ପ୍ରସାଦ, ପୂର୍ଣ୍ଣ ସାହୁ, ଜଗଦାନନ୍ଦ, ଜାନକୀ ସାହୁ, ଧନେଶ୍ୱର ସାହୁ, ଲକ୍ଷ୍ମୀ ସାହୁ, ସୋମ ସାହୁ, ବନ୍ଧୁ ସାହୁ, ଗୀତା ସାହୁ, ନାରାୟଣ ସାହୁ, ସନ୍ତୋଷ ସାହୁ, ଅଭିମନ୍ୟୁ ସାହୁ, ସରୋଜ ସାହୁ, ପ୍ରଶାନ୍ତ ସାହୁ, ଶିଶିର ସାହୁ ପିଂ ମହାଦେବ ସାହୁ, ଭରତ ସାହୁ, କାର୍ତ୍ତିକ ସାହୁ, ଗୌରୀ ସାହୁ, ଶିବ ସାହୁ ବାନ: ଦୁବରାକୀ ବା: ନିବାସୀ
487	ଦୁବରାକୀ	25	484	0.0200	0.0200	ଶାରଦ ଅନ୍ତର୍ଭୁକ୍ତ ଦୁଇ	ସାହୁ ସାହୁ, ପ୍ରଭାତ ସାହୁ, ଅଧିକାରୀ ସାହୁ, ମଧୁ ସାହୁ, ଭୁବନେଶ୍ୱରୀ ସାହୁ, ଦେବୀପ୍ରସାଦ ସାହୁ ପିଂ ଗୋପାଳ ସାହୁ, ସୁଜାତା ସାହୁ, ରାଧାମୋହନ ସାହୁ, ମାଳିକ ସାହୁ, ଗୁରୁ ପ୍ରସାଦ, ପୂର୍ଣ୍ଣ ସାହୁ, ଜଗଦାନନ୍ଦ, ଜାନକୀ ସାହୁ, ଧନେଶ୍ୱର ସାହୁ, ଲକ୍ଷ୍ମୀ ସାହୁ, ସୋମ ସାହୁ, ବନ୍ଧୁ ସାହୁ, ଗୀତା ସାହୁ, ନାରାୟଣ ସାହୁ, ସନ୍ତୋଷ ସାହୁ, ଅଭିମନ୍ୟୁ ସାହୁ, ସରୋଜ ସାହୁ, ପ୍ରଶାନ୍ତ ସାହୁ, ଶିଶିର ସାହୁ ପିଂ ମହାଦେବ ସାହୁ, ଭରତ ସାହୁ, କାର୍ତ୍ତିକ ସାହୁ, ଗୌରୀ ସାହୁ, ଶିବ ସାହୁ ବାନ: ଦୁବରାକୀ ବା: ନିବାସୀ
488	ଦୁବରାକୀ	25	485	0.0245	0.0245	ଶାରଦ ଅନ୍ତର୍ଭୁକ୍ତ ଦୁଇ	ସାହୁ ସାହୁ, ପ୍ରଭାତ ସାହୁ, ଅଧିକାରୀ ସାହୁ, ମଧୁ ସାହୁ, ଭୁବନେଶ୍ୱରୀ ସାହୁ, ଦେବୀପ୍ରସାଦ ସାହୁ ପିଂ ଗୋପାଳ ସାହୁ, ସୁଜାତା ସାହୁ, ରାଧାମୋହନ ସାହୁ, ମାଳିକ ସାହୁ, ଗୁରୁ ପ୍ରସାଦ, ପୂର୍ଣ୍ଣ ସାହୁ, ଜଗଦାନନ୍ଦ, ଜାନକୀ ସାହୁ, ଧନେଶ୍ୱର ସାହୁ, ଲକ୍ଷ୍ମୀ ସାହୁ, ସୋମ ସାହୁ, ବନ୍ଧୁ ସାହୁ, ଗୀତା ସାହୁ, ନାରାୟଣ ସାହୁ, ସନ୍ତୋଷ ସାହୁ, ଅଭିମନ୍ୟୁ ସାହୁ, ସରୋଜ ସାହୁ, ପ୍ରଶାନ୍ତ ସାହୁ, ଶିଶିର ସାହୁ ପିଂ ମହାଦେବ ସାହୁ, ଭରତ ସାହୁ, କାର୍ତ୍ତିକ ସାହୁ, ଗୌରୀ ସାହୁ, ଶିବ ସାହୁ ବାନ: ଦୁବରାକୀ ବା: ନିବାସୀ
